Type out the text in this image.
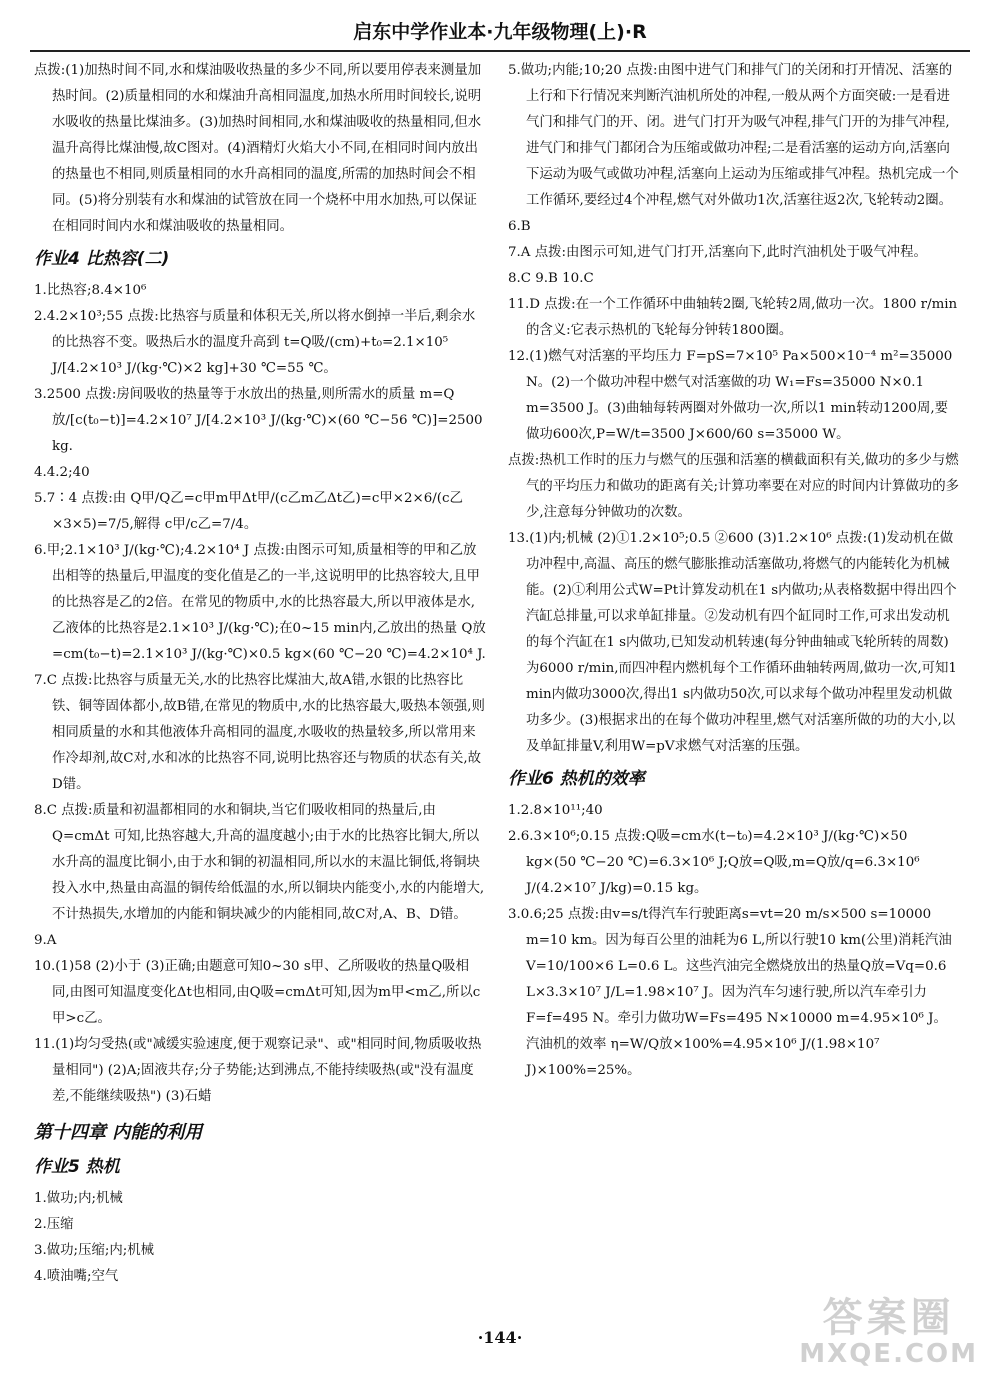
启东中学作业本·九年级物理(上)·R
点拨:(1)加热时间不同,水和煤油吸收热量的多少不同,所以要用停表来测量加热时间。(2)质量相同的水和煤油升高相同温度,加热水所用时间较长,说明水吸收的热量比煤油多。(3)加热时间相同,水和煤油吸收的热量相同,但水温升高得比煤油慢,故C图对。(4)酒精灯火焰大小不同,在相同时间内放出的热量也不相同,则质量相同的水升高相同的温度,所需的加热时间会不相同。(5)将分别装有水和煤油的试管放在同一个烧杯中用水加热,可以保证在相同时间内水和煤油吸收的热量相同。
作业4 比热容(二)
1.比热容;8.4×10⁶
2.4.2×10³;55 点拨:比热容与质量和体积无关,所以将水倒掉一半后,剩余水的比热容不变。吸热后水的温度升高到 t=Q吸/(cm)+t₀=2.1×10⁵ J/[4.2×10³ J/(kg·℃)×2 kg]+30 ℃=55 ℃。
3.2500 点拨:房间吸收的热量等于水放出的热量,则所需水的质量 m=Q放/[c(t₀−t)]=4.2×10⁷ J/[4.2×10³ J/(kg·℃)×(60 ℃−56 ℃)]=2500 kg.
4.4.2;40
5.7∶4 点拨:由 Q甲/Q乙=c甲m甲Δt甲/(c乙m乙Δt乙)=c甲×2×6/(c乙×3×5)=7/5,解得 c甲/c乙=7/4。
6.甲;2.1×10³ J/(kg·℃);4.2×10⁴ J 点拨:由图示可知,质量相等的甲和乙放出相等的热量后,甲温度的变化值是乙的一半,这说明甲的比热容较大,且甲的比热容是乙的2倍。在常见的物质中,水的比热容最大,所以甲液体是水,乙液体的比热容是2.1×10³ J/(kg·℃);在0~15 min内,乙放出的热量 Q放=cm(t₀−t)=2.1×10³ J/(kg·℃)×0.5 kg×(60 ℃−20 ℃)=4.2×10⁴ J.
7.C 点拨:比热容与质量无关,水的比热容比煤油大,故A错,水银的比热容比铁、铜等固体都小,故B错,在常见的物质中,水的比热容最大,吸热本领强,则相同质量的水和其他液体升高相同的温度,水吸收的热量较多,所以常用来作冷却剂,故C对,水和冰的比热容不同,说明比热容还与物质的状态有关,故D错。
8.C 点拨:质量和初温都相同的水和铜块,当它们吸收相同的热量后,由 Q=cmΔt 可知,比热容越大,升高的温度越小;由于水的比热容比铜大,所以水升高的温度比铜小,由于水和铜的初温相同,所以水的末温比铜低,将铜块投入水中,热量由高温的铜传给低温的水,所以铜块内能变小,水的内能增大,不计热损失,水增加的内能和铜块减少的内能相同,故C对,A、B、D错。
9.A
10.(1)58 (2)小于 (3)正确;由题意可知0~30 s甲、乙所吸收的热量Q吸相同,由图可知温度变化Δt也相同,由Q吸=cmΔt可知,因为m甲<m乙,所以c甲>c乙。
11.(1)均匀受热(或"减缓实验速度,便于观察记录"、或"相同时间,物质吸收热量相同") (2)A;固液共存;分子势能;达到沸点,不能持续吸热(或"没有温度差,不能继续吸热") (3)石蜡
第十四章 内能的利用
作业5 热机
1.做功;内;机械
2.压缩
3.做功;压缩;内;机械
4.喷油嘴;空气
5.做功;内能;10;20 点拨:由图中进气门和排气门的关闭和打开情况、活塞的上行和下行情况来判断汽油机所处的冲程,一般从两个方面突破:一是看进气门和排气门的开、闭。进气门打开为吸气冲程,排气门开的为排气冲程,进气门和排气门都闭合为压缩或做功冲程;二是看活塞的运动方向,活塞向下运动为吸气或做功冲程,活塞向上运动为压缩或排气冲程。热机完成一个工作循环,要经过4个冲程,燃气对外做功1次,活塞往返2次,飞轮转动2圈。
6.B
7.A 点拨:由图示可知,进气门打开,活塞向下,此时汽油机处于吸气冲程。
8.C 9.B 10.C
11.D 点拨:在一个工作循环中曲轴转2圈,飞轮转2周,做功一次。1800 r/min的含义:它表示热机的飞轮每分钟转1800圈。
12.(1)燃气对活塞的平均压力 F=pS=7×10⁵ Pa×500×10⁻⁴ m²=35000 N。(2)一个做功冲程中燃气对活塞做的功 W₁=Fs=35000 N×0.1 m=3500 J。(3)曲轴每转两圈对外做功一次,所以1 min转动1200周,要做功600次,P=W/t=3500 J×600/60 s=35000 W。
点拨:热机工作时的压力与燃气的压强和活塞的横截面积有关,做功的多少与燃气的平均压力和做功的距离有关;计算功率要在对应的时间内计算做功的多少,注意每分钟做功的次数。
13.(1)内;机械 (2)①1.2×10⁵;0.5 ②600 (3)1.2×10⁶ 点拨:(1)发动机在做功冲程中,高温、高压的燃气膨胀推动活塞做功,将燃气的内能转化为机械能。(2)①利用公式W=Pt计算发动机在1 s内做功;从表格数据中得出四个汽缸总排量,可以求单缸排量。②发动机有四个缸同时工作,可求出发动机的每个汽缸在1 s内做功,已知发动机转速(每分钟曲轴或飞轮所转的周数)为6000 r/min,而四冲程内燃机每个工作循环曲轴转两周,做功一次,可知1 min内做功3000次,得出1 s内做功50次,可以求每个做功冲程里发动机做功多少。(3)根据求出的在每个做功冲程里,燃气对活塞所做的功的大小,以及单缸排量V,利用W=pV求燃气对活塞的压强。
作业6 热机的效率
1.2.8×10¹¹;40
2.6.3×10⁶;0.15 点拨:Q吸=cm水(t−t₀)=4.2×10³ J/(kg·℃)×50 kg×(50 ℃−20 ℃)=6.3×10⁶ J;Q放=Q吸,m=Q放/q=6.3×10⁶ J/(4.2×10⁷ J/kg)=0.15 kg。
3.0.6;25 点拨:由v=s/t得汽车行驶距离s=vt=20 m/s×500 s=10000 m=10 km。因为每百公里的油耗为6 L,所以行驶10 km(公里)消耗汽油 V=10/100×6 L=0.6 L。这些汽油完全燃烧放出的热量Q放=Vq=0.6 L×3.3×10⁷ J/L=1.98×10⁷ J。因为汽车匀速行驶,所以汽车牵引力F=f=495 N。牵引力做功W=Fs=495 N×10000 m=4.95×10⁶ J。汽油机的效率 η=W/Q放×100%=4.95×10⁶ J/(1.98×10⁷ J)×100%=25%。
·144·	答案圈
MXQE.COM
